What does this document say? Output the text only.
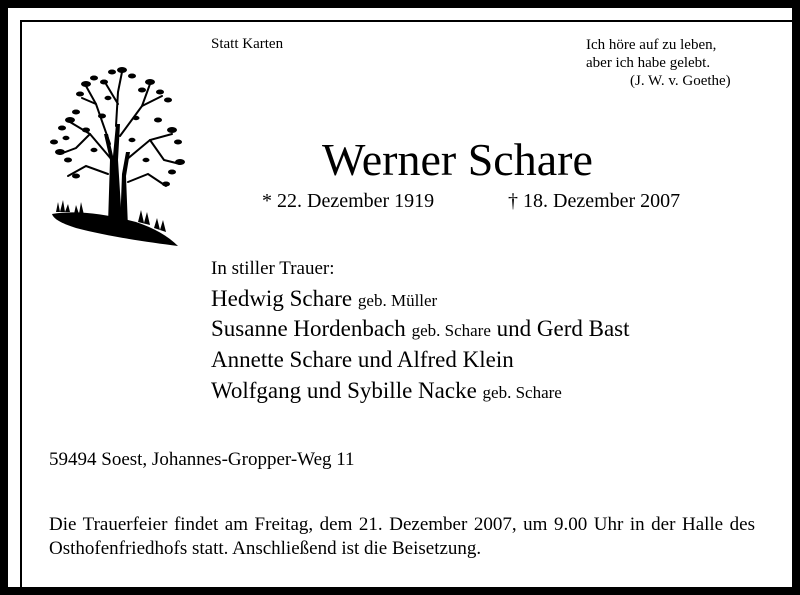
Statt Karten	Ich höre auf zu leben,
aber ich habe gelebt.
(J. W. v. Goethe)
Werner Schare
* 22. Dezember 1919	† 18. Dezember 2007
In stiller Trauer:
Hedwig Schare geb. Müller
Susanne Hordenbach geb. Schare und Gerd Bast
Annette Schare und Alfred Klein
Wolfgang und Sybille Nacke geb. Schare
59494 Soest, Johannes-Gropper-Weg 11
Die Trauerfeier findet am Freitag, dem 21. Dezember 2007, um 9.00 Uhr in der Halle des Osthofenfriedhofs statt. Anschließend ist die Beisetzung.
